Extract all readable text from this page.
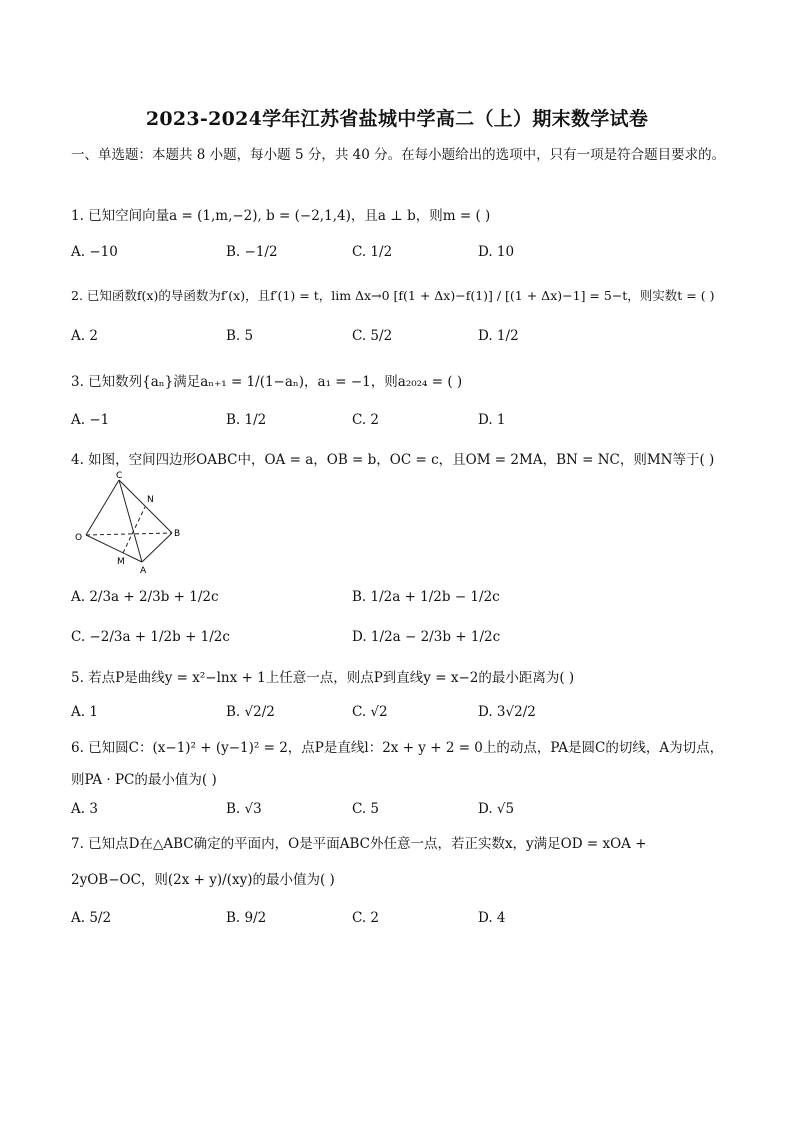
2023-2024学年江苏省盐城中学高二（上）期末数学试卷
一、单选题：本题共 8 小题，每小题 5 分，共 40 分。在每小题给出的选项中，只有一项是符合题目要求的。
1. 已知空间向量a = (1,m,−2), b = (−2,1,4)，且a ⊥ b，则m = ( )
A. −10	B. −1/2	C. 1/2	D. 10
2. 已知函数f(x)的导函数为f′(x)，且f′(1) = t，lim Δx→0 [f(1 + Δx)−f(1)] / [(1 + Δx)−1] = 5−t，则实数t = ( )
A. 2	B. 5	C. 5/2	D. 1/2
3. 已知数列{aₙ}满足aₙ₊₁ = 1/(1−aₙ)，a₁ = −1，则a₂₀₂₄ = ( )
A. −1	B. 1/2	C. 2	D. 1
4. 如图，空间四边形OABC中，OA = a，OB = b，OC = c，且OM = 2MA，BN = NC，则MN等于( )
C
N
O	B
M
A
A. 2/3a + 2/3b + 1/2c	B. 1/2a + 1/2b − 1/2c
C. −2/3a + 1/2b + 1/2c	D. 1/2a − 2/3b + 1/2c
5. 若点P是曲线y = x²−lnx + 1上任意一点，则点P到直线y = x−2的最小距离为( )
A. 1	B. √2/2	C. √2	D. 3√2/2
6. 已知圆C：(x−1)² + (y−1)² = 2，点P是直线l：2x + y + 2 = 0上的动点，PA是圆C的切线，A为切点，则PA · PC的最小值为( )
A. 3	B. √3	C. 5	D. √5
7. 已知点D在△ABC确定的平面内，O是平面ABC外任意一点，若正实数x，y满足OD = xOA + 2yOB−OC，则(2x + y)/(xy)的最小值为( )
A. 5/2	B. 9/2	C. 2	D. 4
